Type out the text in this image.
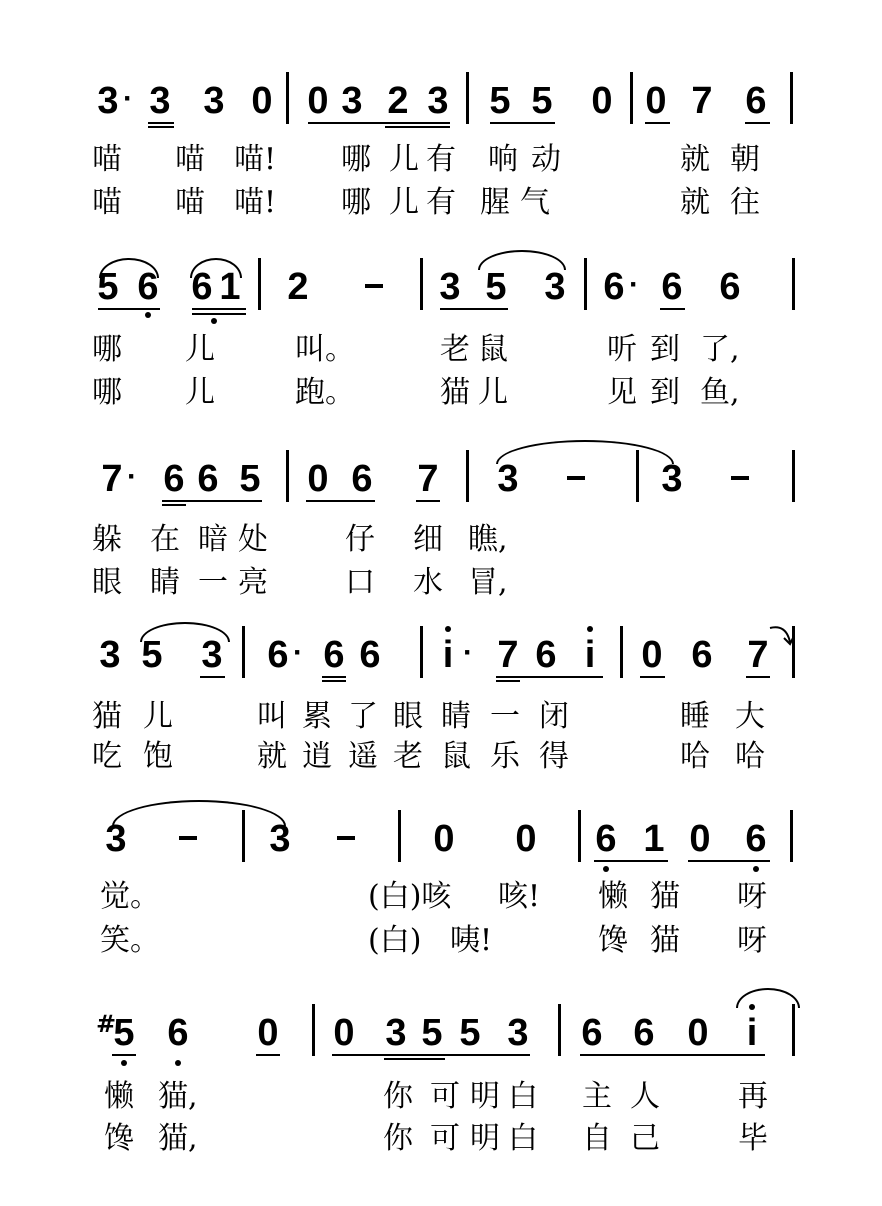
3 · 3 3 0 0 3 2 3 5 5 0 0 7 6
喵 喵 喵! 哪 儿 有 响 动	就 朝
喵 喵 喵! 哪 儿 有 腥 气	就 往
5 6 6 1 2	3 5 3 6 · 6 6
哪 儿	叫。	老 鼠	听 到 了,
哪 儿	跑。	猫 儿	见 到 鱼,
7 · 6 6 5 0 6 7 3	3
躲 在 暗 处	仔 细 瞧,
眼 睛 一 亮	口 水 冒,
3 5 3 6 · 6 6 i · 7 6 i 0 6 7
猫 儿	叫 累 了 眼 睛 一 闭	睡 大
吃 饱	就 逍 遥 老 鼠 乐 得	哈 哈
3	3	0 0 6 1 0 6
觉。	(白)咳 咳! 懒 猫 呀
笑。	(白) 咦!	馋 猫 呀
#
5 6 0 0 3 5 5 3 6 6 0 i
懒 猫,	你 可 明 白 主 人	再
馋 猫,	你 可 明 白 自 己	毕
